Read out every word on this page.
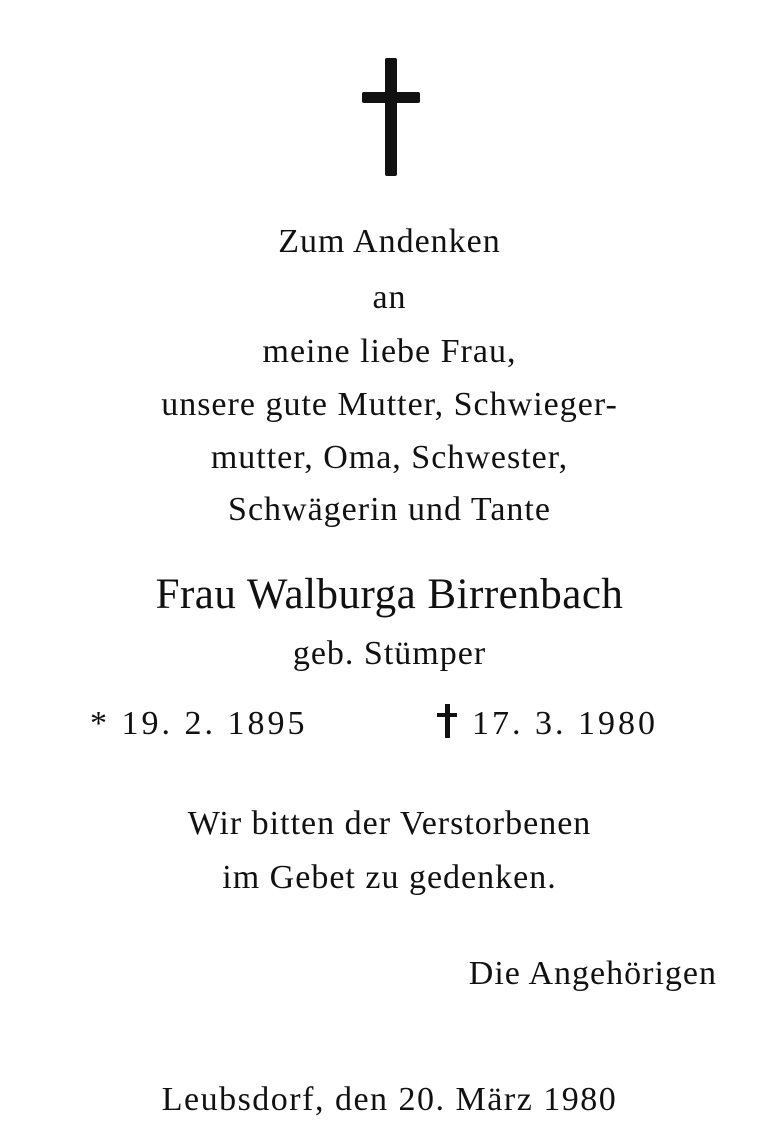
Zum Andenken
an
meine liebe Frau,
unsere gute Mutter, Schwieger-
mutter, Oma, Schwester,
Schwägerin und Tante
Frau Walburga Birrenbach
geb. Stümper
* 19. 2. 1895	17. 3. 1980
Wir bitten der Verstorbenen
im Gebet zu gedenken.
Die Angehörigen
Leubsdorf, den 20. März 1980
